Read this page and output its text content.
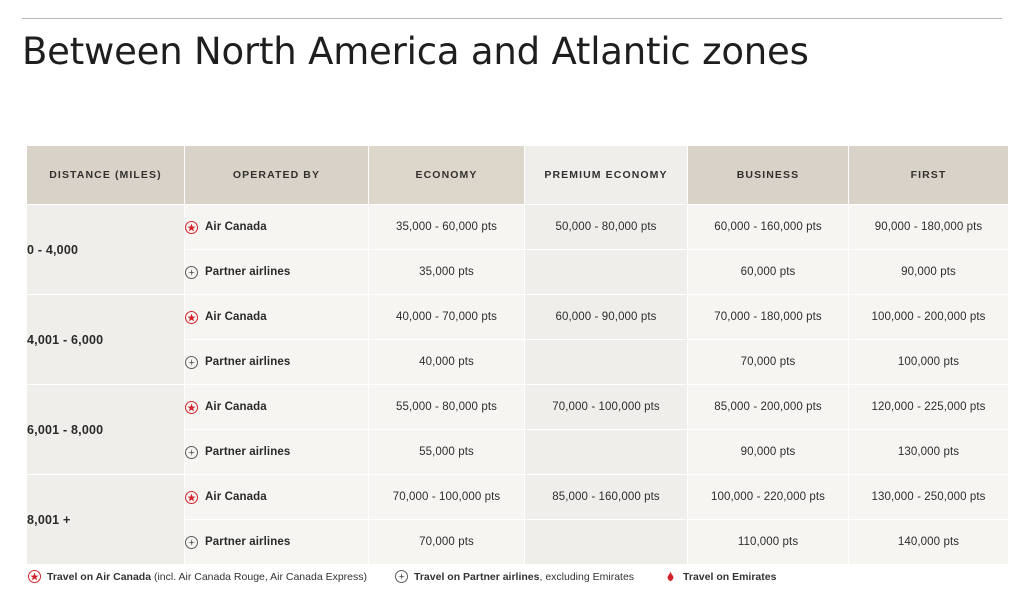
Between North America and Atlantic zones
DISTANCE (MILES)	OPERATED BY	ECONOMY	PREMIUM ECONOMY	BUSINESS	FIRST
0 - 4,000	Air Canada	35,000 - 60,000 pts	50,000 - 80,000 pts	60,000 - 160,000 pts	90,000 - 180,000 pts

	Partner airlines	35,000 pts		60,000 pts	90,000 pts
4,001 - 6,000	Air Canada	40,000 - 70,000 pts	60,000 - 90,000 pts	70,000 - 180,000 pts	100,000 - 200,000 pts

	Partner airlines	40,000 pts		70,000 pts	100,000 pts
6,001 - 8,000	Air Canada	55,000 - 80,000 pts	70,000 - 100,000 pts	85,000 - 200,000 pts	120,000 - 225,000 pts

	Partner airlines	55,000 pts		90,000 pts	130,000 pts
8,001 +	Air Canada	70,000 - 100,000 pts	85,000 - 160,000 pts	100,000 - 220,000 pts	130,000 - 250,000 pts

	Partner airlines	70,000 pts		110,000 pts	140,000 pts
Travel on Air Canada (incl. Air Canada Rouge, Air Canada Express)	Travel on Partner airlines, excluding Emirates	Travel on Emirates
